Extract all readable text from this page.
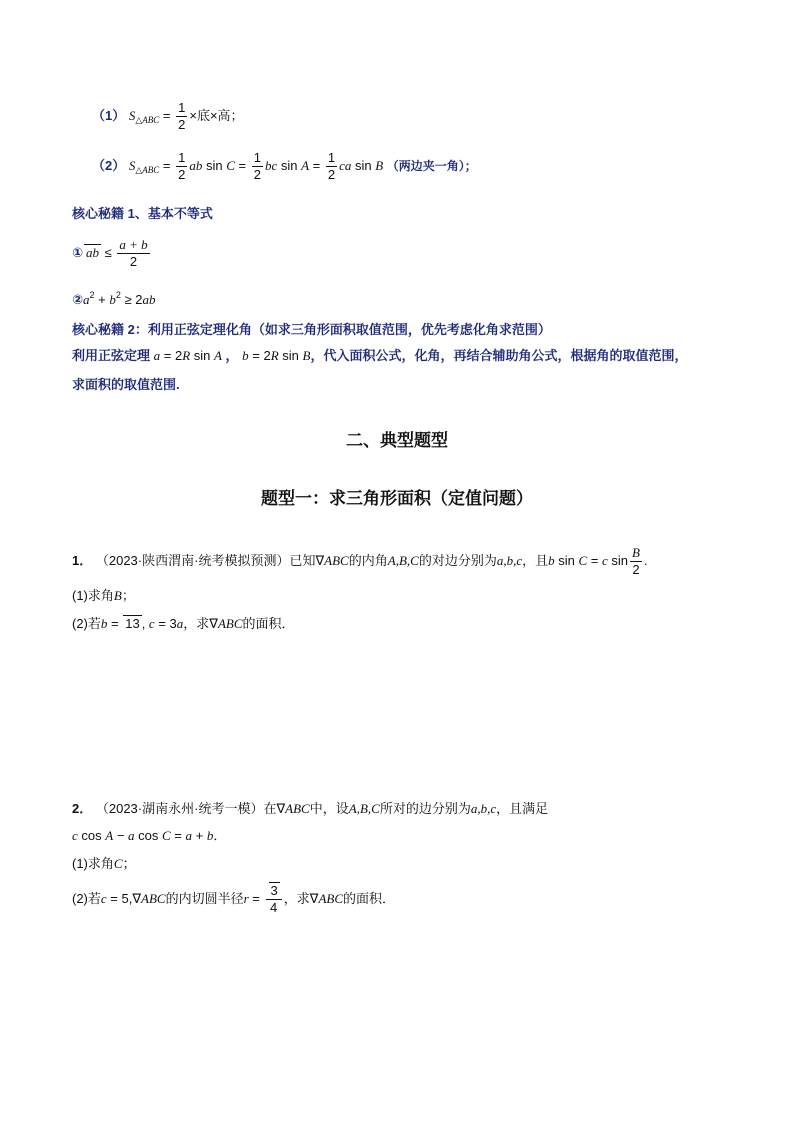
（1） $S_{\triangle ABC} = \frac{1}{2}$ ×底×高；
（2） $S_{\triangle ABC} = \frac{1}{2}$ ab $\sin C = \frac{1}{2}$ bc $\sin A = \frac{1}{2}$ ca sin B （两边夹一角）；
核心秘籍 1、基本不等式
① ab ≤ $\frac{a + b}{2}$
$②a^2 + b^2 \ge 2ab$
核心秘籍 2：利用正弦定理化角（如求三角形面积取值范围，优先考虑化角求范围）
利用正弦定理 a = 2R sin A ， b = 2R sin B，代入面积公式，化角，再结合辅助角公式，根据角的取值范围，
求面积的取值范围.
二、典型题型
题型一：求三角形面积（定值问题）
1． （2023·陕西渭南·统考模拟预测）已知∇ABC的内角A,B,C的对边分别为a,b,c，且b sin C = c $\sin \frac{B}{2}$ .
(1)求角B；
(2)若b = 13 , c = 3a，求∇ABC的面积．
2． （2023·湖南永州·统考一模）在∇ABC中，设A,B,C所对的边分别为a,b,c，且满足
c cos A − a cos C = a + b．
(1)求角C；
(2)若c = 5,∇ABC的内切圆半径$r = \frac{3}{4}$ ，求∇ABC的面积．
